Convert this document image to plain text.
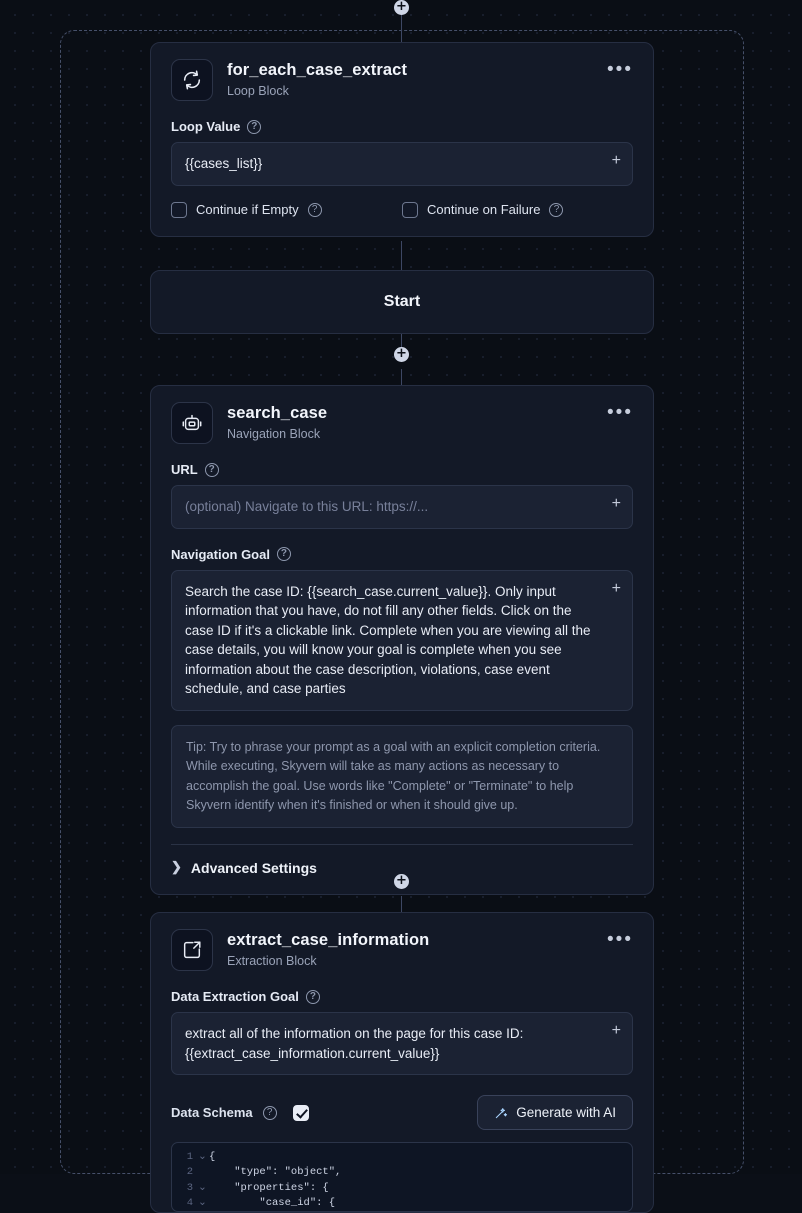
+
+
+
for_each_case_extract
Loop Block
•••
Loop Value	?
{{cases_list}}	+
Continue if Empty	?	Continue on Failure	?
Start
search_case
Navigation Block
•••
URL	?
(optional) Navigate to this URL: https://...	+
Navigation Goal	?
Search the case ID: {{search_case.current_value}}. Only input information that you have, do not fill any other fields. Click on the case ID if it's a clickable link. Complete when you are viewing all the case details, you will know your goal is complete when you see information about the case description, violations, case event schedule, and case parties
+
Tip: Try to phrase your prompt as a goal with an explicit completion criteria. While executing, Skyvern will take as many actions as necessary to accomplish the goal. Use words like "Complete" or "Terminate" to help Skyvern identify when it's finished or when it should give up.
❯ Advanced Settings
extract_case_information
Extraction Block
•••
Data Extraction Goal	?
extract all of the information on the page for this case ID: {{extract_case_information.current_value}}
+
Data Schema	?	Generate with AI
1 ⌄ {
2	"type": "object",
3 ⌄ "properties": {
4 ⌄ "case_id": {
